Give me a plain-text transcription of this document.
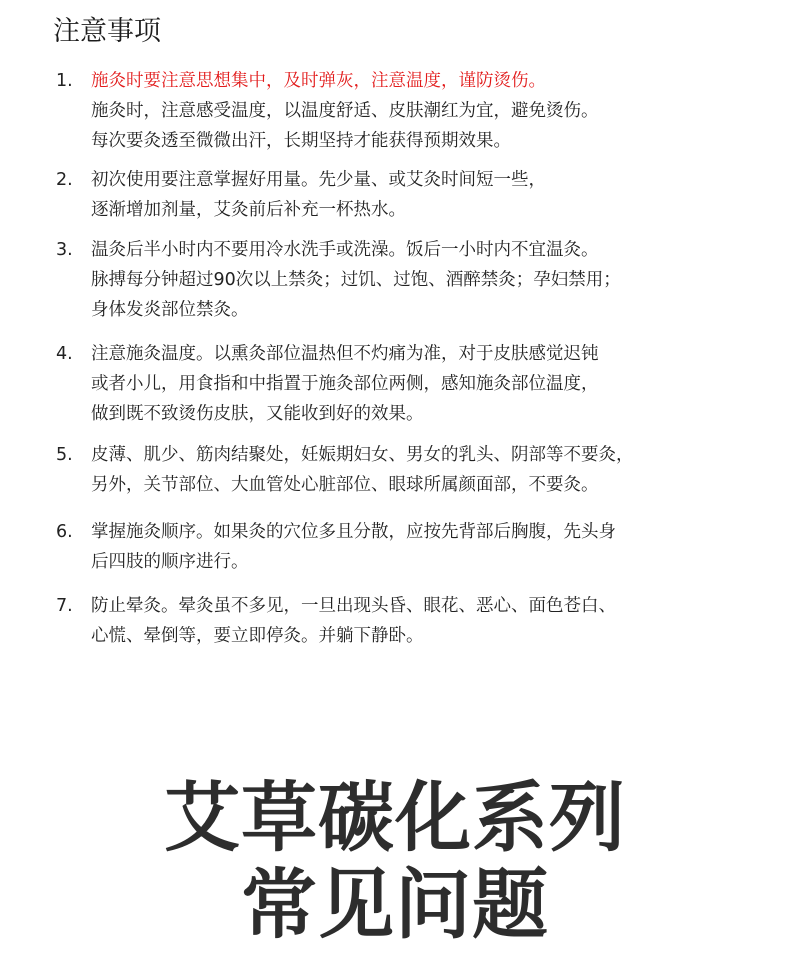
注意事项
1. 施灸时要注意思想集中，及时弹灰，注意温度，谨防烫伤。
施灸时，注意感受温度，以温度舒适、皮肤潮红为宜，避免烫伤。
每次要灸透至微微出汗，长期坚持才能获得预期效果。
2. 初次使用要注意掌握好用量。先少量、或艾灸时间短一些，
逐渐增加剂量，艾灸前后补充一杯热水。
3. 温灸后半小时内不要用冷水洗手或洗澡。饭后一小时内不宜温灸。
脉搏每分钟超过90次以上禁灸；过饥、过饱、酒醉禁灸；孕妇禁用；
身体发炎部位禁灸。
4. 注意施灸温度。以熏灸部位温热但不灼痛为准，对于皮肤感觉迟钝
或者小儿，用食指和中指置于施灸部位两侧，感知施灸部位温度，
做到既不致烫伤皮肤，又能收到好的效果。
5. 皮薄、肌少、筋肉结聚处，妊娠期妇女、男女的乳头、阴部等不要灸，
另外，关节部位、大血管处心脏部位、眼球所属颜面部，不要灸。
6. 掌握施灸顺序。如果灸的穴位多且分散，应按先背部后胸腹，先头身
后四肢的顺序进行。
7. 防止晕灸。晕灸虽不多见，一旦出现头昏、眼花、恶心、面色苍白、
心慌、晕倒等，要立即停灸。并躺下静卧。
艾草碳化系列
常见问题
